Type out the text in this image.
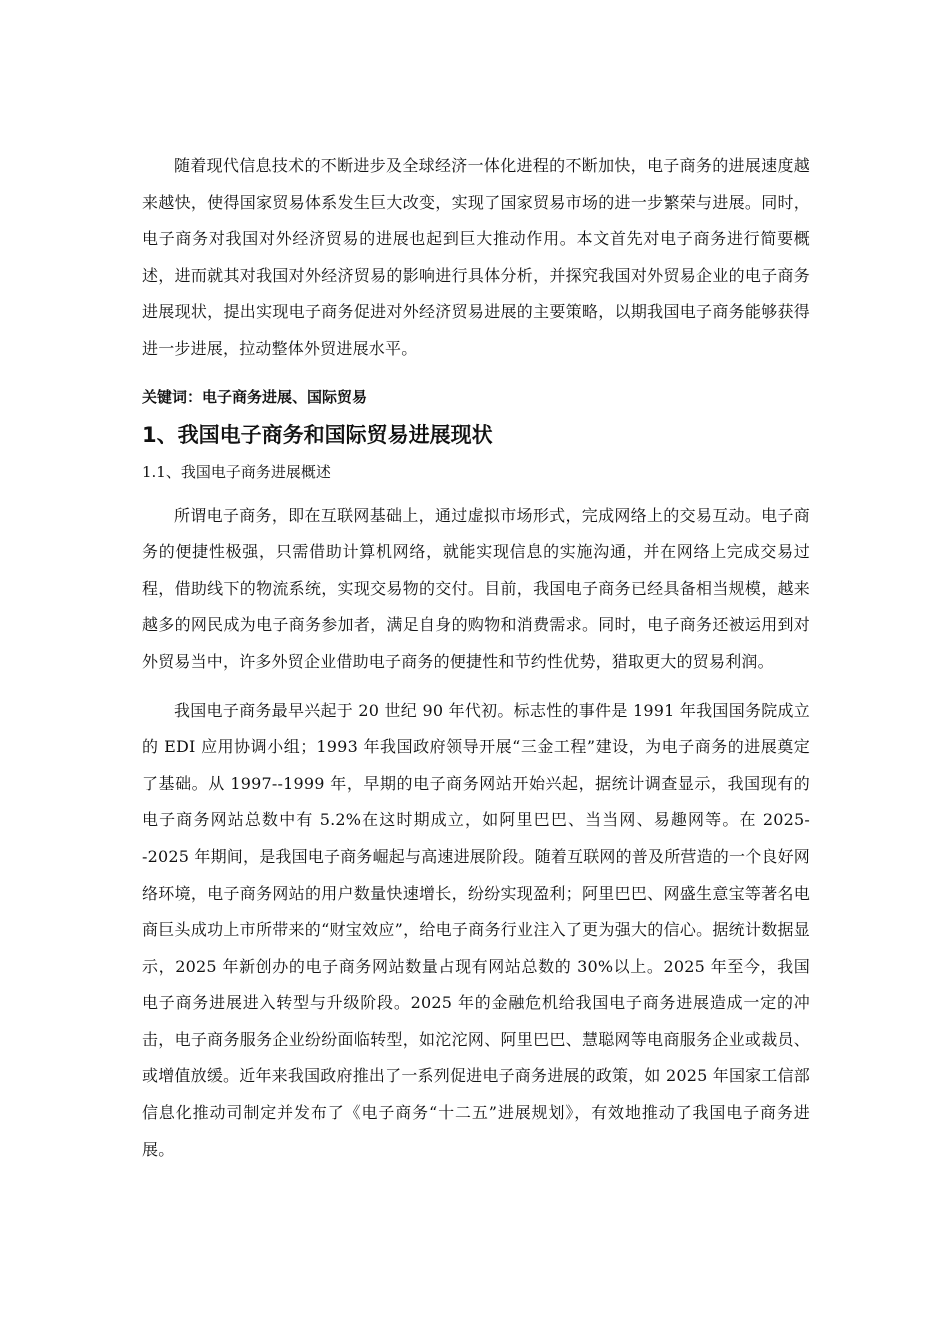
随着现代信息技术的不断进步及全球经济一体化进程的不断加快，电子商务的进展速度越来越快，使得国家贸易体系发生巨大改变，实现了国家贸易市场的进一步繁荣与进展。同时，电子商务对我国对外经济贸易的进展也起到巨大推动作用。本文首先对电子商务进行简要概述，进而就其对我国对外经济贸易的影响进行具体分析，并探究我国对外贸易企业的电子商务进展现状，提出实现电子商务促进对外经济贸易进展的主要策略，以期我国电子商务能够获得进一步进展，拉动整体外贸进展水平。

关键词：电子商务进展、国际贸易
1、我国电子商务和国际贸易进展现状
1.1、我国电子商务进展概述

所谓电子商务，即在互联网基础上，通过虚拟市场形式，完成网络上的交易互动。电子商务的便捷性极强，只需借助计算机网络，就能实现信息的实施沟通，并在网络上完成交易过程，借助线下的物流系统，实现交易物的交付。目前，我国电子商务已经具备相当规模，越来越多的网民成为电子商务参加者，满足自身的购物和消费需求。同时，电子商务还被运用到对外贸易当中，许多外贸企业借助电子商务的便捷性和节约性优势，猎取更大的贸易利润。

我国电子商务最早兴起于 20 世纪 90 年代初。标志性的事件是 1991 年我国国务院成立的 EDI 应用协调小组；1993 年我国政府领导开展“三金工程”建设，为电子商务的进展奠定了基础。从 1997--1999 年，早期的电子商务网站开始兴起，据统计调查显示，我国现有的电子商务网站总数中有 5.2%在这时期成立，如阿里巴巴、当当网、易趣网等。在 2025--2025 年期间，是我国电子商务崛起与高速进展阶段。随着互联网的普及所营造的一个良好网络环境，电子商务网站的用户数量快速增长，纷纷实现盈利；阿里巴巴、网盛生意宝等著名电商巨头成功上市所带来的“财宝效应”，给电子商务行业注入了更为强大的信心。据统计数据显示，2025 年新创办的电子商务网站数量占现有网站总数的 30%以上。2025 年至今，我国电子商务进展进入转型与升级阶段。2025 年的金融危机给我国电子商务进展造成一定的冲击，电子商务服务企业纷纷面临转型，如沱沱网、阿里巴巴、慧聪网等电商服务企业或裁员、或增值放缓。近年来我国政府推出了一系列促进电子商务进展的政策，如 2025 年国家工信部信息化推动司制定并发布了《电子商务“十二五”进展规划》，有效地推动了我国电子商务进展。
